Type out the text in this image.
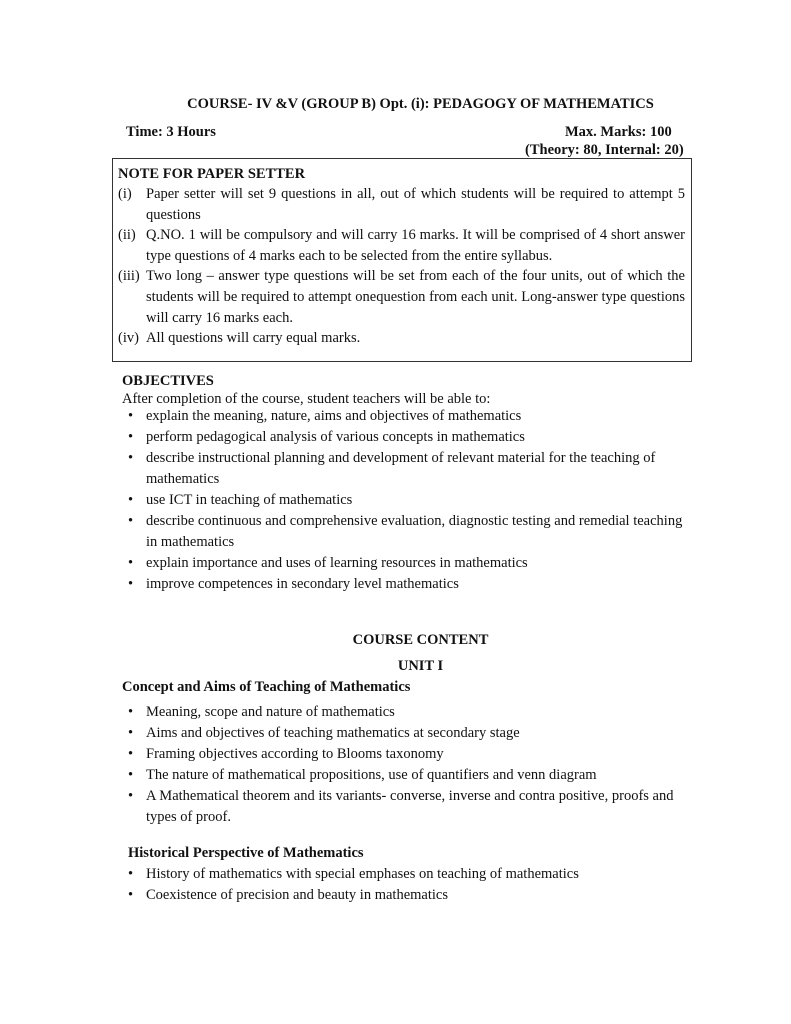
COURSE- IV &V (GROUP B) Opt. (i): PEDAGOGY OF MATHEMATICS
Time: 3 Hours	Max. Marks: 100
(Theory: 80, Internal: 20)
NOTE FOR PAPER SETTER
(i) Paper setter will set 9 questions in all, out of which students will be required to attempt 5 questions
(ii) Q.NO. 1 will be compulsory and will carry 16 marks. It will be comprised of 4 short answer type questions of 4 marks each to be selected from the entire syllabus.
(iii) Two long – answer type questions will be set from each of the four units, out of which the students will be required to attempt onequestion from each unit. Long-answer type questions will carry 16 marks each.
(iv) All questions will carry equal marks.
OBJECTIVES
After completion of the course, student teachers will be able to:
• explain the meaning, nature, aims and objectives of mathematics
• perform pedagogical analysis of various concepts in mathematics
• describe instructional planning and development of relevant material for the teaching of mathematics
• use ICT in teaching of mathematics
• describe continuous and comprehensive evaluation, diagnostic testing and remedial teaching in mathematics
• explain importance and uses of learning resources in mathematics
• improve competences in secondary level mathematics
COURSE CONTENT
UNIT I
Concept and Aims of Teaching of Mathematics
• Meaning, scope and nature of mathematics
• Aims and objectives of teaching mathematics at secondary stage
• Framing objectives according to Blooms taxonomy
• The nature of mathematical propositions, use of quantifiers and venn diagram
• A Mathematical theorem and its variants- converse, inverse and contra positive, proofs and types of proof.
Historical Perspective of Mathematics
• History of mathematics with special emphases on teaching of mathematics
• Coexistence of precision and beauty in mathematics
